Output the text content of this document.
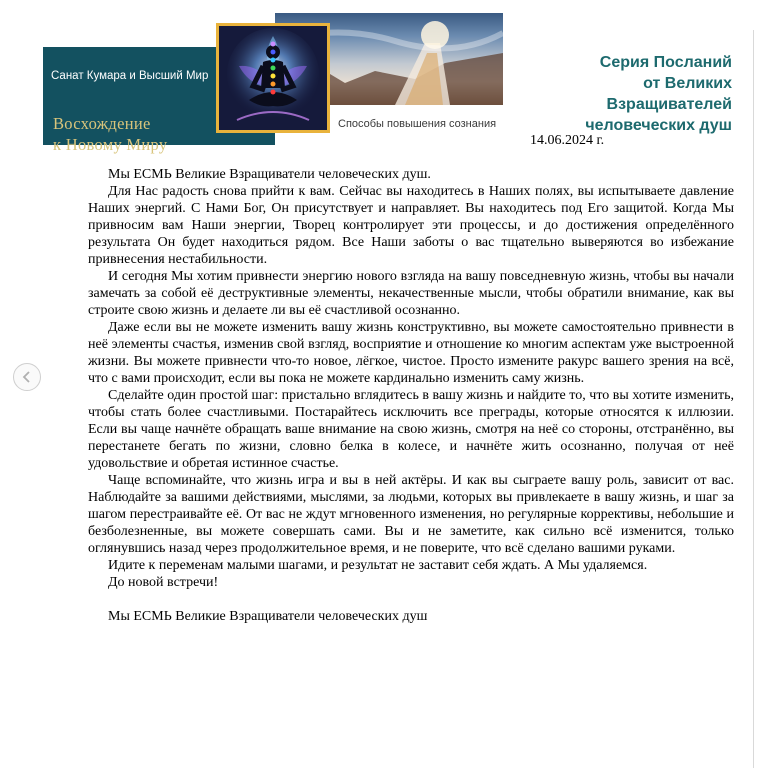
Санат Кумара и Высший Мир
Восхождение
к Новому Миру
Способы повышения сознания
Серия Посланий
от Великих
Взращивателей
человеческих душ
14.06.2024 г.

Мы ЕСМЬ Великие Взращиватели человеческих душ.

Для Нас радость снова прийти к вам. Сейчас вы находитесь в Наших полях, вы испытываете давление Наших энергий. С Нами Бог, Он присутствует и направляет. Вы находитесь под Его защитой. Когда Мы привносим вам Наши энергии, Творец контролирует эти процессы, и до достижения определённого результата Он будет находиться рядом. Все Наши заботы о вас тщательно выверяются во избежание привнесения нестабильности.

И сегодня Мы хотим привнести энергию нового взгляда на вашу повседневную жизнь, чтобы вы начали замечать за собой её деструктивные элементы, некачественные мысли, чтобы обратили внимание, как вы строите свою жизнь и делаете ли вы её счастливой осознанно.

Даже если вы не можете изменить вашу жизнь конструктивно, вы можете самостоятельно привнести в неё элементы счастья, изменив свой взгляд, восприятие и отношение ко многим аспектам уже выстроенной жизни. Вы можете привнести что-то новое, лёгкое, чистое. Просто измените ракурс вашего зрения на всё, что с вами происходит, если вы пока не можете кардинально изменить саму жизнь.

Сделайте один простой шаг: пристально вглядитесь в вашу жизнь и найдите то, что вы хотите изменить, чтобы стать более счастливыми. Постарайтесь исключить все преграды, которые относятся к иллюзии. Если вы чаще начнёте обращать ваше внимание на свою жизнь, смотря на неё со стороны, отстранённо, вы перестанете бегать по жизни, словно белка в колесе, и начнёте жить осознанно, получая от неё удовольствие и обретая истинное счастье.

Чаще вспоминайте, что жизнь игра и вы в ней актёры. И как вы сыграете вашу роль, зависит от вас. Наблюдайте за вашими действиями, мыслями, за людьми, которых вы привлекаете в вашу жизнь, и шаг за шагом перестраивайте её. От вас не ждут мгновенного изменения, но регулярные коррективы, небольшие и безболезненные, вы можете совершать сами. Вы и не заметите, как сильно всё изменится, только оглянувшись назад через продолжительное время, и не поверите, что всё сделано вашими руками.

Идите к переменам малыми шагами, и результат не заставит себя ждать. А Мы удаляемся.

До новой встречи!

Мы ЕСМЬ Великие Взращиватели человеческих душ
